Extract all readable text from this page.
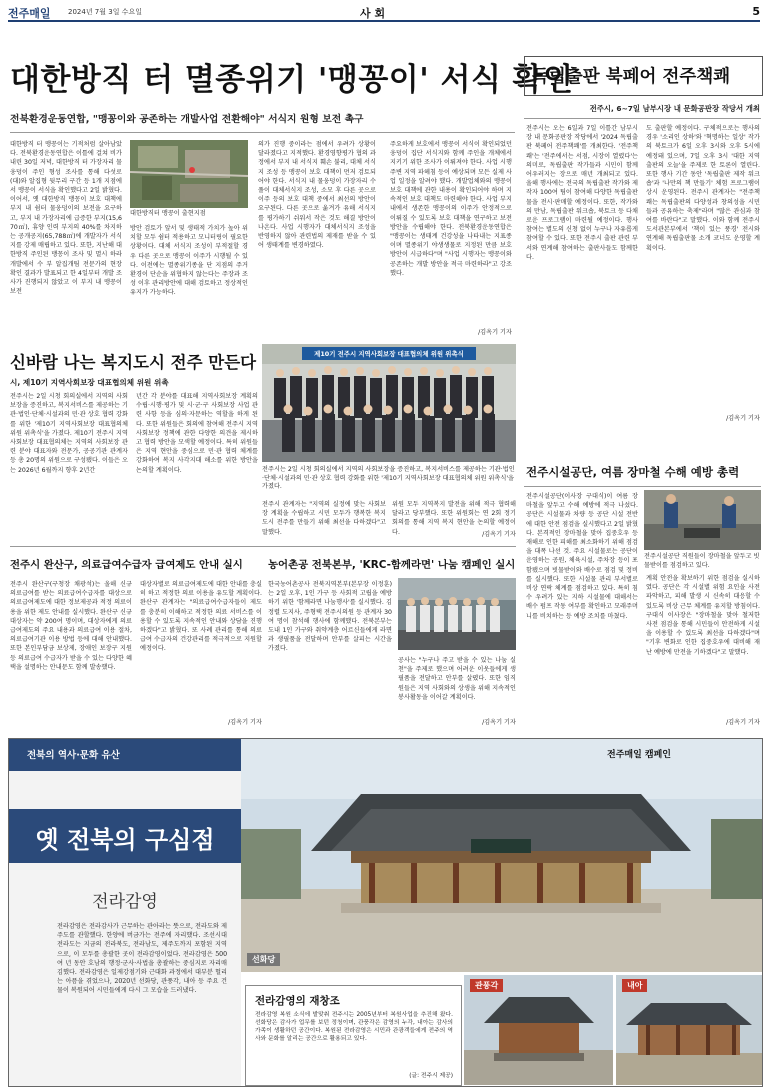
전주매일 2024년 7월 3일 수요일	사 회	5
대한방직 터 멸종위기 '맹꽁이' 서식 확인
전북환경운동연합, "맹꽁이와 공존하는 개발사업 전환해야" 서식지 원형 보전 촉구

대한방직 터 맹꽁이는 기적처럼 살아남았다. 전북환경운동연합은 이틀에 걸쳐 비가 내린 30일 저녁, 대한방직 터 가장자리 물웅덩이 주인 형성 조사를 통해 다섯로 (대)와 알집형 뒷무리 구간 등 1개 지점에서 맹꽁이 서식을 확인했다고 2일 밝혔다. 이어서, 옛 대한방직 맹꽁이 보호 대책에 부지 내 쉼터 물웅덩이의 보전을 요구하고, 부지 내 가장자리에 급증한 부지(15,670㎡), 휴양 인력 부지의 40%를 차지하는 공개공지(65,788㎡)에 개발자가 서식지를 강제 매립하고 있다. 또한, 지난해 대한방직 주인된 맹꽁이 조사 및 멸시 하라 개발에서 수 부 알집개팀 전문가의 현장 확인 결과가 발표되고 한 4일부터 개발 조사가 진행되지 않았고 이 부지 내 맹꽁이 보전

대한방직터 맹꽁이 출현지점

방안 검토가 앞서 및 생태적 가치가 높아 위치할 모두 쉼터 적용하고 모니터링이 필요한 상황이다. 대체 서식지 조성이 부적절할 경우 다른 곳으로 맹꽁이 이주가 시행될 수 있다. 이전에는 멸종위기종을 단 지점의 주거환경이 단순을 위협하지 않는다는 주장과 조성 이후 관리방안에 대해 검토하고 정상적인 유지가 가능하다.

의가 진행 중이라는 점에서 우려가 상황이 달라졌다고 지적했다. 환경영향평가 협의 과정에서 부지 내 서식지 훼손 불리, 대체 서식지 조성 등 맹꽁이 보호 대책이 먼저 검토되어야 한다. 서식지 내 물웅덩이 가장자리 수풀이 대체서식지 조성, 소모 후 다른 곳으로 이주 등의 보호 대책 중에서 최선의 방안이 요구된다. 다른 곳으로 옮겨가 유해 서식지를 평가하기 쉬워서 작은 것도 해결 방안이 나온다. 사업 시행자가 대체서식지 조성을 반영하지 않아 관련법의 제재를 받을 수 있어 생태계를 변경하였다.

주요하게 보호에서 맹꽁이 서식이 확인되었던 웅덩이 집단 서식지와 함께 주인을 개체에서 지키기 위한 조사가 이뤄져야 한다. 사업 시행 주변 지역 파헤침 등이 예상되며 모든 실제 사업 일정을 알려야 했다. 개발업체와의 맹꽁이 보호 대책에 관한 내용이 확인되어야 하며 지속적인 보호 대책도 마련해야 한다. 사업 부지 내에서 생존한 맹꽁이의 이주가 안정적으로 이뤄질 수 있도록 보호 대책을 연구하고 보전 방안을 수립해야 한다. 전북환경운동연합은 "맹꽁이는 생태계 건강성을 나타내는 지표종이며 멸종위기 야생생물로 지정된 만큼 보호 방안이 시급하다"며 "사업 시행자는 맹꽁이와 공존하는 개발 방안을 적극 마련하라"고 강조했다.

/김옥기 기자
독립출판 북페어 전주책쾌
전주시, 6~7일 남부시장 내 문화공판장 작당서 개최

전주시는 오는 6일과 7일 이틀간 남부시장 내 문화공판장 작당에서 '2024 독립출판 북페어 전주책쾌'를 개최한다. '전주책쾌'는 '전주에서는 서점, 시장이 열렸다'는 의미로, 독립출판 작가들과 시민이 함께 어우러지는 장으로 매년 개최되고 있다. 올해 행사에는 전국의 독립출판 작가와 제작자 100여 팀이 참여해 다양한 독립출판물을 전시·판매할 예정이다. 또한, 작가와의 만남, 독립출판 워크숍, 북토크 등 다채로운 프로그램이 마련될 예정이다. 행사 참여는 별도의 신청 없이 누구나 자유롭게 참여할 수 있다. 또한 전주시 출판 관련 부서와 연계해 참여하는 출판사들도 함께한다.

도 출판할 예정이다. 구체적으로는 행사의 경우 '소리인 상하'와 '혁명하는 일상' 작가의 북토크가 6일 오후 3시와 오후 5시에 예정돼 있으며, 7일 오후 3시 '대한 지역 출판의 오늘'을 주제로 한 토론이 열린다. 또한 행사 기간 동안 '독립출판 제작 워크숍'과 '나만의 책 만들기' 체험 프로그램이 상시 운영된다. 전주시 관계자는 "전주책쾌는 독립출판의 다양성과 창의성을 시민들과 공유하는 축제"라며 "많은 관심과 참여를 바란다"고 말했다. 이와 함께 전주시 도서관본부에서 '책이 있는 풍경' 전시와 연계해 독립출판물 소개 코너도 운영할 계획이다.

/김옥기 기자
신바람 나는 복지도시 전주 만든다
시, 제10기 지역사회보장 대표협의체 위원 위촉

전주시는 2일 시청 회의실에서 지역의 사회보장을 증진하고, 복지서비스를 제공하는 기관·법인·단체·시설과의 민·관 상호 협력 강화를 위한 '제10기 지역사회보장 대표협의체 위원 위촉식'을 가졌다. 제10기 전주시 지역사회보장 대표협의체는 지역의 사회보장 관련 분야 대표자와 전문가, 공공기관 관계자 등 총 20명의 위원으로 구성됐다. 이들은 오는 2026년 6월까지 향후 2년간

년간 각 분야를 대표해 지역사회보장 계획의 수립·시행·평가 및 시·군·구 사회보장 사업 관련 사항 등을 심의·자문하는 역할을 하게 된다. 또한 위원들은 회의에 참여해 전주시 지역사회보장 정책에 관한 다양한 의견을 제시하고 협력 방안을 모색할 예정이다. 특히 위원들은 지역 현안을 중심으로 민·관 협력 체계를 강화하여 복지 사각지대 해소를 위한 방안을 논의할 계획이다.

제10기 전주시 지역사회보장 대표협의체 위원 위촉식
전주시는 2일 시청 회의실에서 지역의 사회보장을 증진하고, 복지서비스를 제공하는 기관·법인·단체·시설과의 민·관 상호 협력 강화를 위한 '제10기 지역사회보장 대표협의체 위원 위촉식'을 가졌다.

전주시 관계자는 "지역의 실정에 맞는 사회보장 계획을 수립하고 시민 모두가 행복한 복지도시 전주를 만들기 위해 최선을 다하겠다"고 말했다.

위원 모두 지역복지 발전을 위해 적극 협력해 달라고 당부했다. 또한 위원회는 연 2회 정기회의를 통해 지역 복지 현안을 논의할 예정이다.	/김옥기 기자
전주시설공단, 여름 장마철 수해 예방 총력

전주시설공단(이사장 구대식)이 여름 장마철을 앞두고 수해 예방에 적극 나섰다. 공단은 시설물과 차량 등 공단 시설 전반에 대한 안전 점검을 실시했다고 2일 밝혔다. 본격적인 장마철을 맞아 집중호우 등 재해로 인한 피해를 최소화하기 위해 점검을 대폭 나선 것. 주요 시설물로는 공단이 운영하는 공원, 체육시설, 주차장 등이 포함됐으며 빗물받이와 배수로 점검 및 정비를 실시했다. 또한 시설물 관리 부서별로 비상 연락 체계를 점검하고 있다. 특히 침수 우려가 있는 지하 시설물에 대해서는 배수 펌프 작동 여부를 확인하고 모래주머니를 비치하는 등 예방 조치를 마쳤다.

전주시설공단 직원들이 장마철을 앞두고 빗물받이를 점검하고 있다.

계획 안전을 확보하기 위한 점검을 실시하였다. 공단은 각 시설별 위험 요인을 사전 파악하고, 피해 발생 시 신속히 대응할 수 있도록 비상 근무 체계를 유지할 방침이다. 구대식 이사장은 "장마철을 맞아 철저한 사전 점검을 통해 시민들이 안전하게 시설을 이용할 수 있도록 최선을 다하겠다"며 "기후 변화로 인한 집중호우에 대비해 재난 예방에 만전을 기하겠다"고 말했다.

/김옥기 기자
전주시 완산구, 의료급여수급자 급여제도 안내 실시

전주시 완산구(구청장 채광석)는 올해 신규 의료급여를 받는 의료급여수급자를 대상으로 의료급여제도에 대한 정보제공과 적정 의료이용을 위한 제도 안내를 실시했다. 완산구 신규 대상자는 약 200여 명이며, 대상자에게 의료급여제도의 주요 내용과 의료급여 이용 절차, 의료급여기관 이용 방법 등에 대해 안내했다. 또한 본인부담금 보상제, 장애인 보장구 지원 등 의료급여 수급자가 받을 수 있는 다양한 혜택을 설명하는 안내문도 함께 발송했다.

대상자별로 의료급여제도에 대한 안내를 충실히 하고 적정한 의료 이용을 유도할 계획이다. 완산구 관계자는 "의료급여수급자들이 제도를 충분히 이해하고 적정한 의료 서비스를 이용할 수 있도록 지속적인 안내와 상담을 진행하겠다"고 밝혔다. 또 사례 관리를 통해 의료급여 수급자의 건강관리를 적극적으로 지원할 예정이다.

/김옥기 기자
농어촌공 전북본부, 'KRC-함께라면' 나눔 캠페인 실시

한국농어촌공사 전북지역본부(본부장 이정훈)는 2일 오후, 1인 가구 등 사회적 고립을 예방하기 위한 '함께라면 나눔행사'를 실시했다. 김정렬 도지사, 주형택 전주시의원 등 관계자 30여 명이 참석해 행사에 함께했다. 전북본부는 도내 1인 가구와 취약계층 어르신들에게 라면과 생필품을 전달하며 안부를 살피는 시간을 가졌다.

공사는 "누구나 주고 받을 수 있는 나눔 실천"을 주제로 했으며 어려운 이웃들에게 생필품을 전달하고 안부를 살폈다. 또한 임직원들은 지역 사회와의 상생을 위해 지속적인 봉사활동을 이어갈 계획이다.

/김옥기 기자
전북의 역사·문화 유산
옛 전북의 구심점
전라감영

전라감영은 전라감사가 근무하는 관아라는 뜻으로, 전라도와 제주도를 관할했다. 한양에 버금가는 전주에 자리했다. 조선시대 전라도는 지금의 전라북도, 전라남도, 제주도까지 포함된 지역으로, 이 모두를 총괄한 곳이 전라감영이었다. 전라감영은 500여 년 동안 호남의 행정·군사·사법을 총괄하는 중심지로 자리매김했다. 전라감영은 일제강점기와 근대화 과정에서 대부분 헐리는 아픔을 겪었으나, 2020년 선화당, 관풍각, 내아 등 주요 건물이 복원되어 시민들에게 다시 그 모습을 드러냈다.

전주매일 캠페인
선화당
전라감영의 재창조

전라감영 복원 소식에 발맞춰 전주시는 2005년부터 복원사업을 추진해 왔다. 선화당은 감사가 업무를 보던 정청이며, 관풍각은 감영의 누각, 내아는 감사의 가족이 생활하던 공간이다. 복원된 전라감영은 시민과 관광객들에게 전주의 역사와 문화를 알리는 공간으로 활용되고 있다.

(글: 전주시 제공)
관풍각	내아
